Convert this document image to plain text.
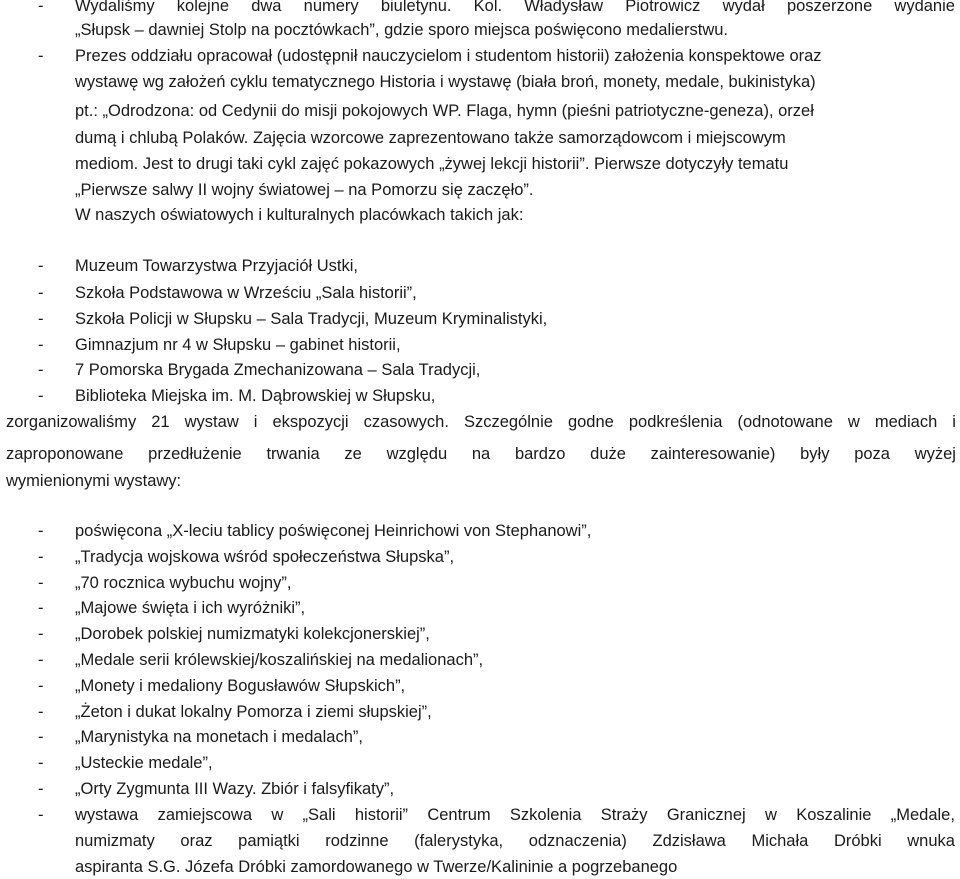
- Wydaliśmy kolejne dwa numery biuletynu. Kol. Władysław Piotrowicz wydał poszerzone wydanie
„Słupsk – dawniej Stolp na pocztówkach”, gdzie sporo miejsca poświęcono medalierstwu.
- Prezes oddziału opracował (udostępnił nauczycielom i studentom historii) założenia konspektowe oraz
wystawę wg założeń cyklu tematycznego Historia i wystawę (biała broń, monety, medale, bukinistyka)
pt.: „Odrodzona: od Cedynii do misji pokojowych WP. Flaga, hymn (pieśni patriotyczne-geneza), orzeł
dumą i chlubą Polaków. Zajęcia wzorcowe zaprezentowano także samorządowcom i miejscowym
mediom. Jest to drugi taki cykl zajęć pokazowych „żywej lekcji historii”. Pierwsze dotyczyły tematu
„Pierwsze salwy II wojny światowej – na Pomorzu się zaczęło”.
W naszych oświatowych i kulturalnych placówkach takich jak:
- Muzeum Towarzystwa Przyjaciół Ustki,
- Szkoła Podstawowa w Wrześciu „Sala historii”,
- Szkoła Policji w Słupsku – Sala Tradycji, Muzeum Kryminalistyki,
- Gimnazjum nr 4 w Słupsku – gabinet historii,
- 7 Pomorska Brygada Zmechanizowana – Sala Tradycji,
- Biblioteka Miejska im. M. Dąbrowskiej w Słupsku,
zorganizowaliśmy 21 wystaw i ekspozycji czasowych. Szczególnie godne podkreślenia (odnotowane w mediach i
zaproponowane przedłużenie trwania ze względu na bardzo duże zainteresowanie) były poza wyżej
wymienionymi wystawy:
- poświęcona „X-leciu tablicy poświęconej Heinrichowi von Stephanowi”,
- „Tradycja wojskowa wśród społeczeństwa Słupska”,
- „70 rocznica wybuchu wojny”,
- „Majowe święta i ich wyróżniki”,
- „Dorobek polskiej numizmatyki kolekcjonerskiej”,
- „Medale serii królewskiej/koszalińskiej na medalionach”,
- „Monety i medaliony Bogusławów Słupskich”,
- „Żeton i dukat lokalny Pomorza i ziemi słupskiej”,
- „Marynistyka na monetach i medalach”,
- „Usteckie medale”,
- „Orty Zygmunta III Wazy. Zbiór i falsyfikaty”,
- wystawa zamiejscowa w „Sali historii” Centrum Szkolenia Straży Granicznej w Koszalinie „Medale,
numizmaty oraz pamiątki rodzinne (falerystyka, odznaczenia) Zdzisława Michała Dróbki wnuka
aspiranta S.G. Józefa Dróbki zamordowanego w Twerze/Kalininie a pogrzebanego
